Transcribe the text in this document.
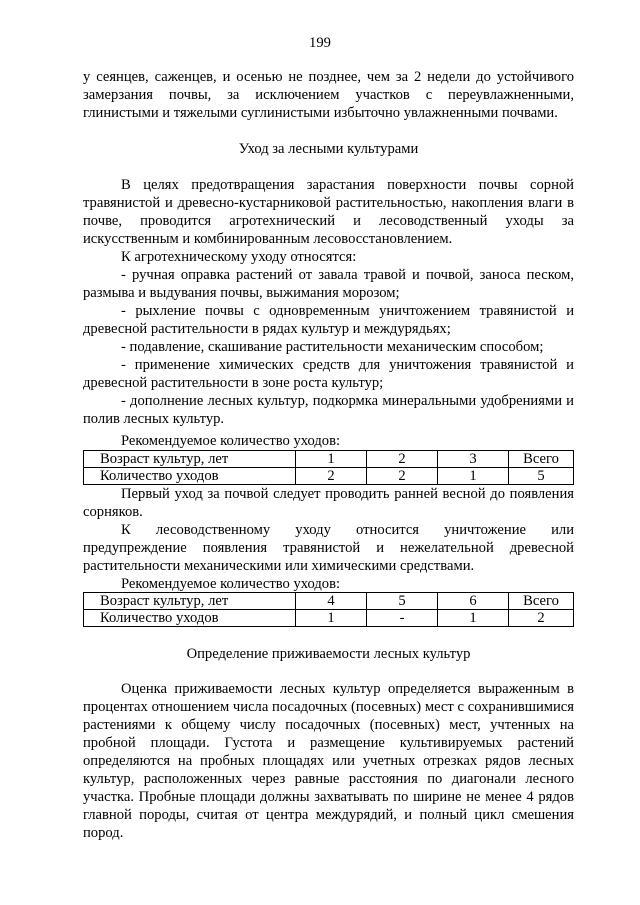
199

у сеянцев, саженцев, и осенью не позднее, чем за 2 недели до устойчивого замерзания почвы, за исключением участков с переувлажненными, глинистыми и тяжелыми суглинистыми избыточно увлажненными почвами.

Уход за лесными культурами

В целях предотвращения зарастания поверхности почвы сорной травянистой и древесно-кустарниковой растительностью, накопления влаги в почве, проводится агротехнический и лесоводственный уходы за искусственным и комбинированным лесовосстановлением.

К агротехническому уходу относятся:

- ручная оправка растений от завала травой и почвой, заноса песком, размыва и выдувания почвы, выжимания морозом;

- рыхление почвы с одновременным уничтожением травянистой и древесной растительности в рядах культур и междурядьях;

- подавление, скашивание растительности механическим способом;

- применение химических средств для уничтожения травянистой и древесной растительности в зоне роста культур;

- дополнение лесных культур, подкормка минеральными удобрениями и полив лесных культур.

Рекомендуемое количество уходов:

Возраст культур, лет	1	2	3	Всего
Количество уходов	2	2	1	5

Первый уход за почвой следует проводить ранней весной до появления сорняков.

К лесоводственному уходу относится уничтожение или предупреждение появления травянистой и нежелательной древесной растительности механическими или химическими средствами.

Рекомендуемое количество уходов:

Возраст культур, лет	4	5	6	Всего
Количество уходов	1	-	1	2
Определение приживаемости лесных культур

Оценка приживаемости лесных культур определяется выраженным в процентах отношением числа посадочных (посевных) мест с сохранившимися растениями к общему числу посадочных (посевных) мест, учтенных на пробной площади. Густота и размещение культивируемых растений определяются на пробных площадях или учетных отрезках рядов лесных культур, расположенных через равные расстояния по диагонали лесного участка. Пробные площади должны захватывать по ширине не менее 4 рядов главной породы, считая от центра междурядий, и полный цикл смешения пород.
